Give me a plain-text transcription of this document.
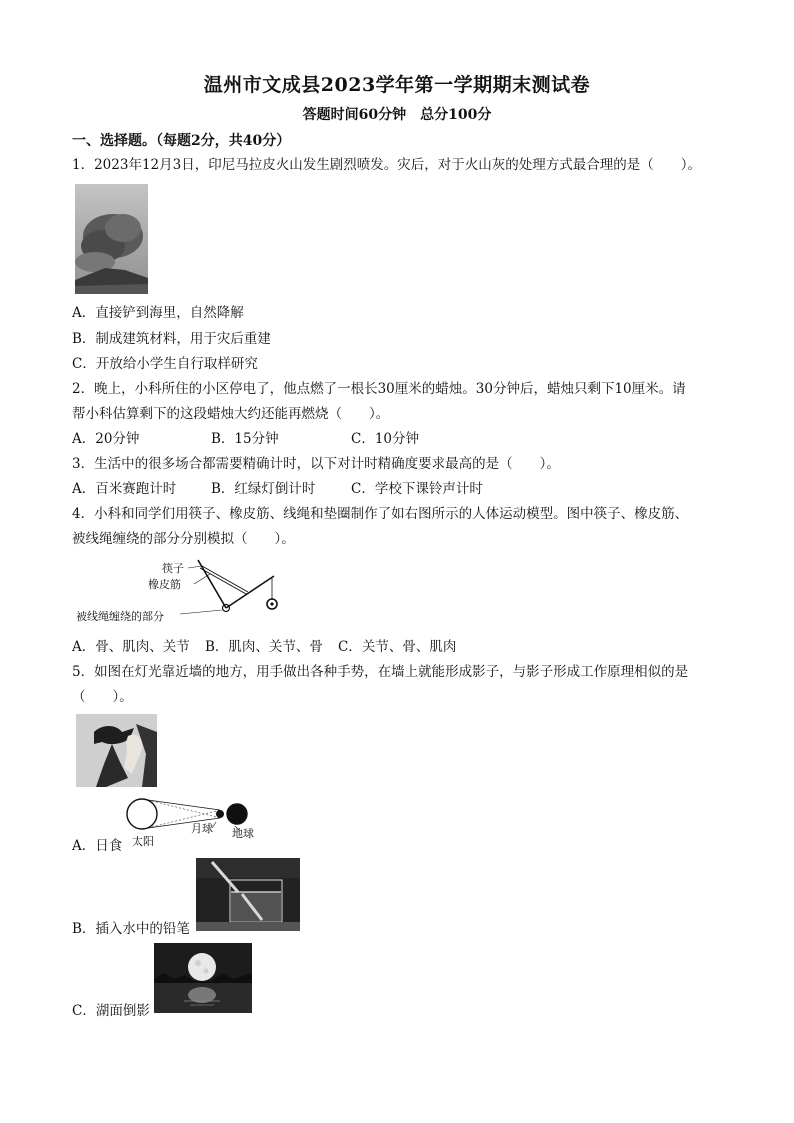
温州市文成县2023学年第一学期期末测试卷
答题时间60分钟　总分100分
一、选择题。（每题2分，共40分）
1．2023年12月3日，印尼马拉皮火山发生剧烈喷发。灾后，对于火山灰的处理方式最合理的是（　　）。
A．直接铲到海里，自然降解
B．制成建筑材料，用于灾后重建
C．开放给小学生自行取样研究
2．晚上，小科所住的小区停电了，他点燃了一根长30厘米的蜡烛。30分钟后，蜡烛只剩下10厘米。请
帮小科估算剩下的这段蜡烛大约还能再燃烧（　　）。
A．20分钟	B．15分钟	C．10分钟
3．生活中的很多场合都需要精确计时，以下对计时精确度要求最高的是（　　）。
A．百米赛跑计时	B．红绿灯倒计时	C．学校下课铃声计时
4．小科和同学们用筷子、橡皮筋、线绳和垫圈制作了如右图所示的人体运动模型。图中筷子、橡皮筋、
被线绳缠绕的部分分别模拟（　　）。
筷子
橡皮筋
被线绳缠绕的部分
A．骨、肌肉、关节 B．肌肉、关节、骨 C．关节、骨、肌肉
5．如图在灯光靠近墙的地方，用手做出各种手势，在墙上就能形成影子，与影子形成工作原理相似的是
（　　）。
太阳
月球 地球
A．日食
B．插入水中的铅笔
C．湖面倒影
